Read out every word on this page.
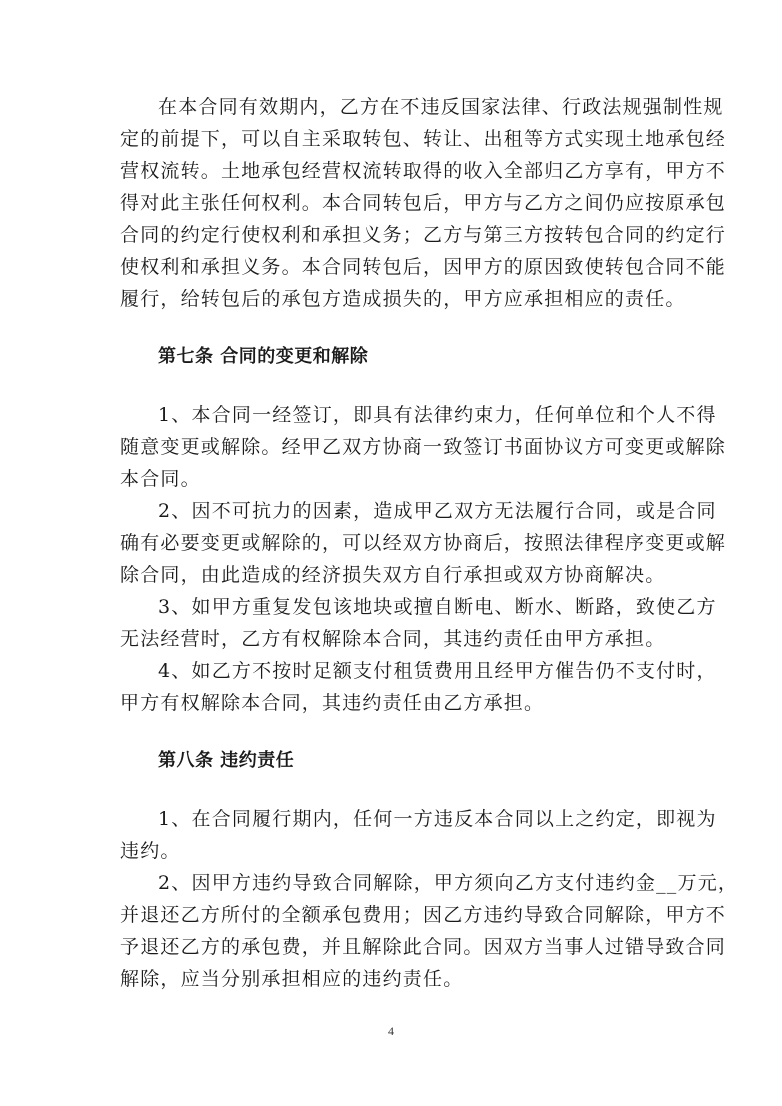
在本合同有效期内，乙方在不违反国家法律、行政法规强制性规
定的前提下，可以自主采取转包、转让、出租等方式实现土地承包经
营权流转。土地承包经营权流转取得的收入全部归乙方享有，甲方不
得对此主张任何权利。本合同转包后，甲方与乙方之间仍应按原承包
合同的约定行使权利和承担义务；乙方与第三方按转包合同的约定行
使权利和承担义务。本合同转包后，因甲方的原因致使转包合同不能
履行，给转包后的承包方造成损失的，甲方应承担相应的责任。
第七条 合同的变更和解除
1、本合同一经签订，即具有法律约束力，任何单位和个人不得
随意变更或解除。经甲乙双方协商一致签订书面协议方可变更或解除
本合同。
2、因不可抗力的因素，造成甲乙双方无法履行合同，或是合同
确有必要变更或解除的，可以经双方协商后，按照法律程序变更或解
除合同，由此造成的经济损失双方自行承担或双方协商解决。
3、如甲方重复发包该地块或擅自断电、断水、断路，致使乙方
无法经营时，乙方有权解除本合同，其违约责任由甲方承担。
4、如乙方不按时足额支付租赁费用且经甲方催告仍不支付时，
甲方有权解除本合同，其违约责任由乙方承担。
第八条 违约责任
1、在合同履行期内，任何一方违反本合同以上之约定，即视为
违约。
2、因甲方违约导致合同解除，甲方须向乙方支付违约金__万元，
并退还乙方所付的全额承包费用；因乙方违约导致合同解除，甲方不
予退还乙方的承包费，并且解除此合同。因双方当事人过错导致合同
解除，应当分别承担相应的违约责任。
4
